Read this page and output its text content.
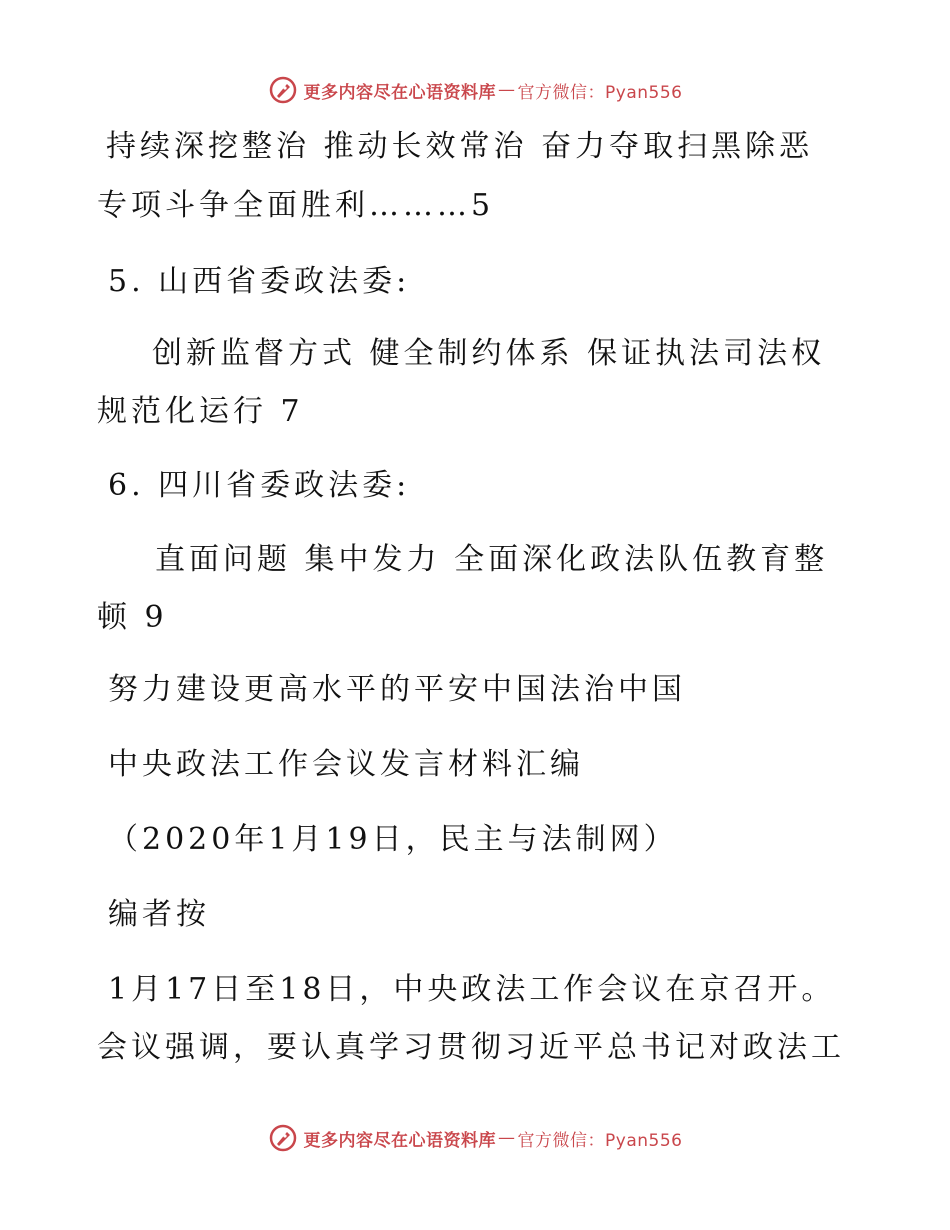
更多内容尽在心语资料库 — 官方微信：Pyan556
持续深挖整治 推动长效常治 奋力夺取扫黑除恶
专项斗争全面胜利………5
5. 山西省委政法委:
创新监督方式 健全制约体系 保证执法司法权
规范化运行 7
6. 四川省委政法委:
直面问题 集中发力 全面深化政法队伍教育整
顿 9
努力建设更高水平的平安中国法治中国
中央政法工作会议发言材料汇编
（2020年1月19日，民主与法制网）
编者按
1月17日至18日，中央政法工作会议在京召开。
会议强调，要认真学习贯彻习近平总书记对政法工
更多内容尽在心语资料库 — 官方微信：Pyan556
